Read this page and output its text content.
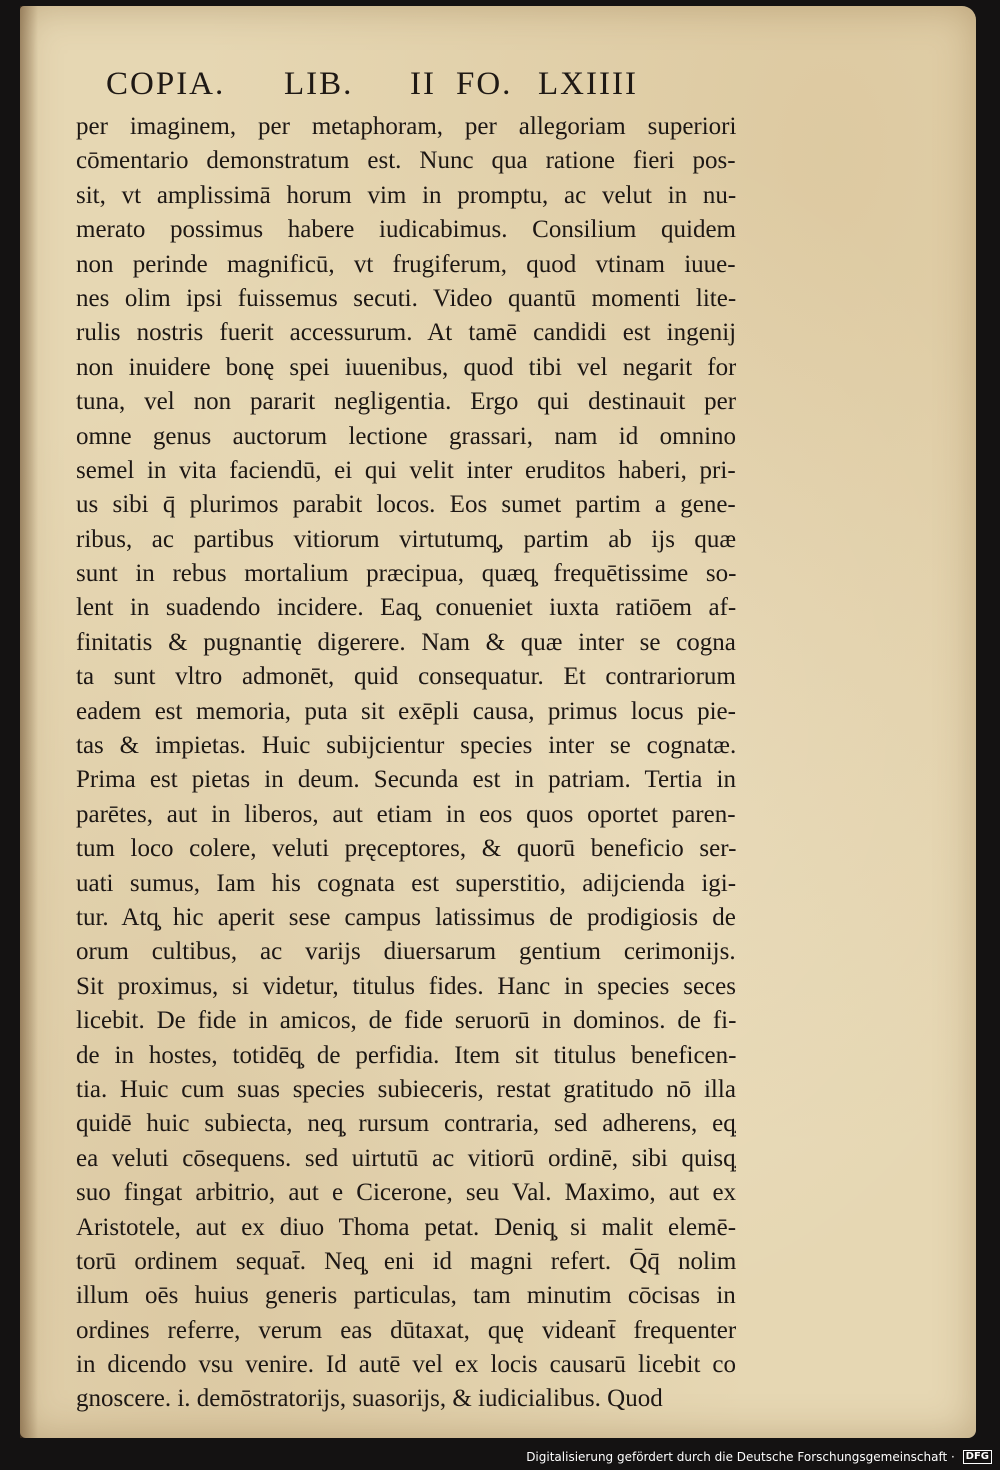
COPIA. LIB. II FO. LXIIII
per imaginem, per metaphoram, per allegoriam superiori
cōmentario demonstratum est. Nunc qua ratione fieri pos-
sit, vt amplissimā horum vim in promptu, ac velut in nu-
merato possimus habere iudicabimus. Consilium quidem
non perinde magnificū, vt frugiferum, quod vtinam iuue-
nes olim ipsi fuissemus secuti. Video quantū momenti lite-
rulis nostris fuerit accessurum. At tamē candidi est ingenij
non inuidere bonę spei iuuenibus, quod tibi vel negarit for
tuna, vel non pararit negligentia. Ergo qui destinauit per
omne genus auctorum lectione grassari, nam id omnino
semel in vita faciendū, ei qui velit inter eruditos haberi, pri-
us sibi q̄ plurimos parabit locos. Eos sumet partim a gene-
ribus, ac partibus vitiorum virtutumq̧, partim ab ijs quæ
sunt in rebus mortalium præcipua, quæq̧ frequētissime so-
lent in suadendo incidere. Eaq̧ conueniet iuxta ratiōem af-
finitatis & pugnantię digerere. Nam & quæ inter se cogna
ta sunt vltro admonēt, quid consequatur. Et contrariorum
eadem est memoria, puta sit exēpli causa, primus locus pie-
tas & impietas. Huic subijcientur species inter se cognatæ.
Prima est pietas in deum. Secunda est in patriam. Tertia in
parētes, aut in liberos, aut etiam in eos quos oportet paren-
tum loco colere, veluti pręceptores, & quorū beneficio ser-
uati sumus, Iam his cognata est superstitio, adijcienda igi-
tur. Atq̧ hic aperit sese campus latissimus de prodigiosis de
orum cultibus, ac varijs diuersarum gentium cerimonijs.
Sit proximus, si videtur, titulus fides. Hanc in species seces
licebit. De fide in amicos, de fide seruorū in dominos. de fi-
de in hostes, totidēq̧ de perfidia. Item sit titulus beneficen-
tia. Huic cum suas species subieceris, restat gratitudo nō illa
quidē huic subiecta, neq̧ rursum contraria, sed adherens, eq̧
ea veluti cōsequens. sed uirtutū ac vitiorū ordinē, sibi quisq̧
suo fingat arbitrio, aut e Cicerone, seu Val. Maximo, aut ex
Aristotele, aut ex diuo Thoma petat. Deniq̧ si malit elemē-
torū ordinem sequat̄. Neq̧ eni id magni refert. Q̄q̄ nolim
illum oēs huius generis particulas, tam minutim cōcisas in
ordines referre, verum eas dūtaxat, quę videant̄ frequenter
in dicendo vsu venire. Id autē vel ex locis causarū licebit co
gnoscere. i. demōstratorijs, suasorijs, & iudicialibus. Quod
Digitalisierung gefördert durch die Deutsche Forschungsgemeinschaft · DFG
